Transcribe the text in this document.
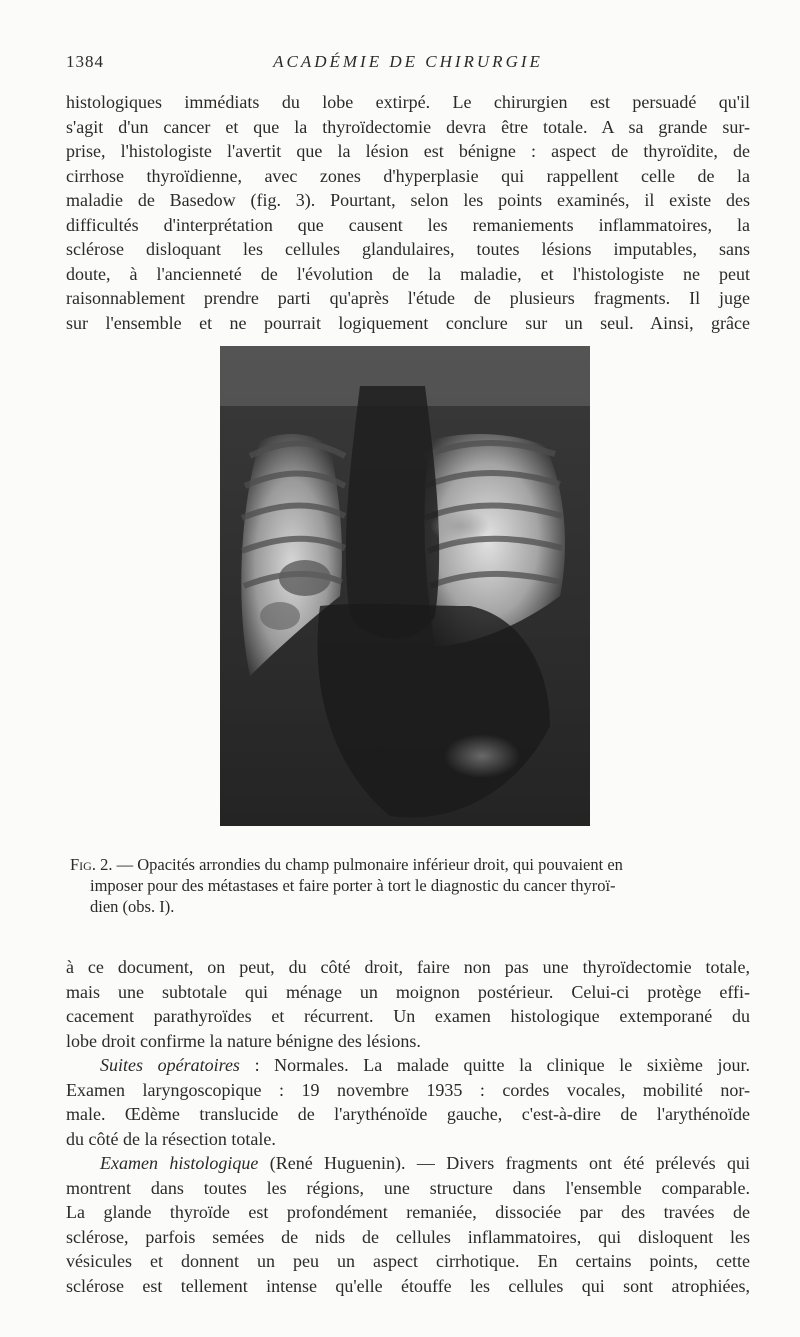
1384	ACADÉMIE DE CHIRURGIE
histologiques immédiats du lobe extirpé. Le chirurgien est persuadé qu'il
s'agit d'un cancer et que la thyroïdectomie devra être totale. A sa grande sur-
prise, l'histologiste l'avertit que la lésion est bénigne : aspect de thyroïdite, de
cirrhose thyroïdienne, avec zones d'hyperplasie qui rappellent celle de la
maladie de Basedow (fig. 3). Pourtant, selon les points examinés, il existe des
difficultés d'interprétation que causent les remaniements inflammatoires, la
sclérose disloquant les cellules glandulaires, toutes lésions imputables, sans
doute, à l'ancienneté de l'évolution de la maladie, et l'histologiste ne peut
raisonnablement prendre parti qu'après l'étude de plusieurs fragments. Il juge
sur l'ensemble et ne pourrait logiquement conclure sur un seul. Ainsi, grâce
Fig. 2. — Opacités arrondies du champ pulmonaire inférieur droit, qui pouvaient en
imposer pour des métastases et faire porter à tort le diagnostic du cancer thyroï-
dien (obs. I).
à ce document, on peut, du côté droit, faire non pas une thyroïdectomie totale,
mais une subtotale qui ménage un moignon postérieur. Celui-ci protège effi-
cacement parathyroïdes et récurrent. Un examen histologique extemporané du
lobe droit confirme la nature bénigne des lésions.
Suites opératoires : Normales. La malade quitte la clinique le sixième jour.
Examen laryngoscopique : 19 novembre 1935 : cordes vocales, mobilité nor-
male. Œdème translucide de l'arythénoïde gauche, c'est-à-dire de l'arythénoïde
du côté de la résection totale.
Examen histologique (René Huguenin). — Divers fragments ont été prélevés qui
montrent dans toutes les régions, une structure dans l'ensemble comparable.
La glande thyroïde est profondément remaniée, dissociée par des travées de
sclérose, parfois semées de nids de cellules inflammatoires, qui disloquent les
vésicules et donnent un peu un aspect cirrhotique. En certains points, cette
sclérose est tellement intense qu'elle étouffe les cellules qui sont atrophiées,
